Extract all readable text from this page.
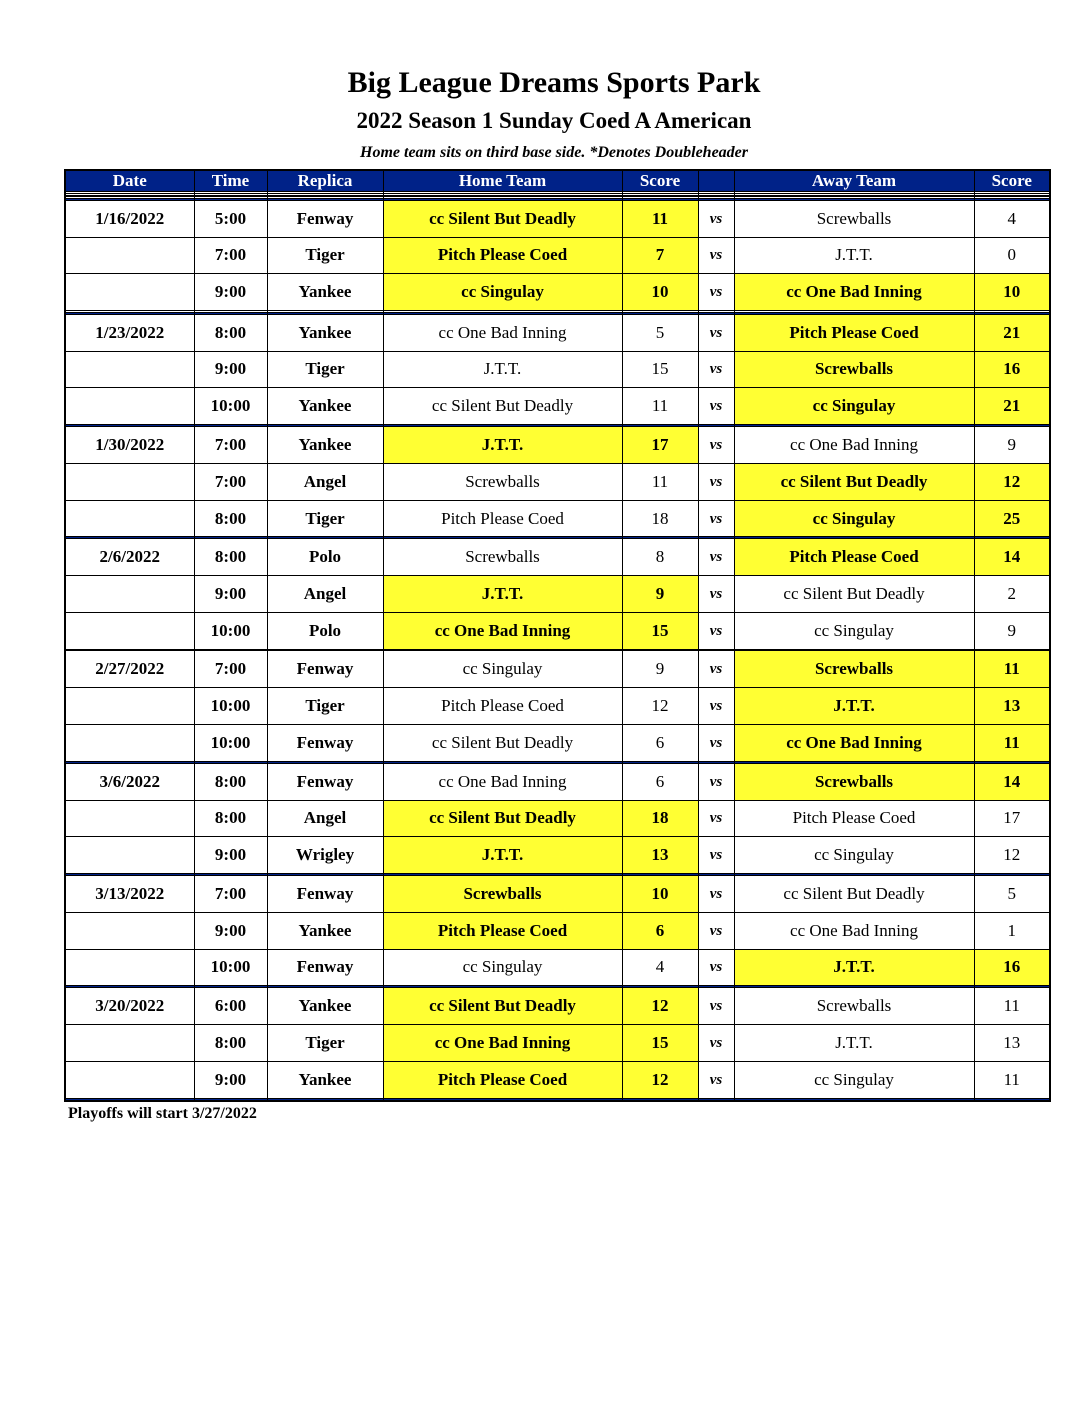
Big League Dreams Sports Park
2022 Season 1 Sunday Coed A American
Home team sits on third base side. *Denotes Doubleheader
Date	Time	Replica	Home Team	Score		Away Team	Score

1/16/2022	5:00	Fenway	cc Silent But Deadly	11	vs	Screwballs	4
	7:00	Tiger	Pitch Please Coed	7	vs	J.T.T.	0
	9:00	Yankee	cc Singulay	10	vs	cc One Bad Inning	10

1/23/2022	8:00	Yankee	cc One Bad Inning	5	vs	Pitch Please Coed	21
	9:00	Tiger	J.T.T.	15	vs	Screwballs	16
	10:00	Yankee	cc Silent But Deadly	11	vs	cc Singulay	21

1/30/2022	7:00	Yankee	J.T.T.	17	vs	cc One Bad Inning	9
	7:00	Angel	Screwballs	11	vs	cc Silent But Deadly	12
	8:00	Tiger	Pitch Please Coed	18	vs	cc Singulay	25

2/6/2022	8:00	Polo	Screwballs	8	vs	Pitch Please Coed	14
	9:00	Angel	J.T.T.	9	vs	cc Silent But Deadly	2
	10:00	Polo	cc One Bad Inning	15	vs	cc Singulay	9

2/27/2022	7:00	Fenway	cc Singulay	9	vs	Screwballs	11
	10:00	Tiger	Pitch Please Coed	12	vs	J.T.T.	13
	10:00	Fenway	cc Silent But Deadly	6	vs	cc One Bad Inning	11

3/6/2022	8:00	Fenway	cc One Bad Inning	6	vs	Screwballs	14
	8:00	Angel	cc Silent But Deadly	18	vs	Pitch Please Coed	17
	9:00	Wrigley	J.T.T.	13	vs	cc Singulay	12

3/13/2022	7:00	Fenway	Screwballs	10	vs	cc Silent But Deadly	5
	9:00	Yankee	Pitch Please Coed	6	vs	cc One Bad Inning	1
	10:00	Fenway	cc Singulay	4	vs	J.T.T.	16

3/20/2022	6:00	Yankee	cc Silent But Deadly	12	vs	Screwballs	11
	8:00	Tiger	cc One Bad Inning	15	vs	J.T.T.	13
	9:00	Yankee	Pitch Please Coed	12	vs	cc Singulay	11

Playoffs will start 3/27/2022
